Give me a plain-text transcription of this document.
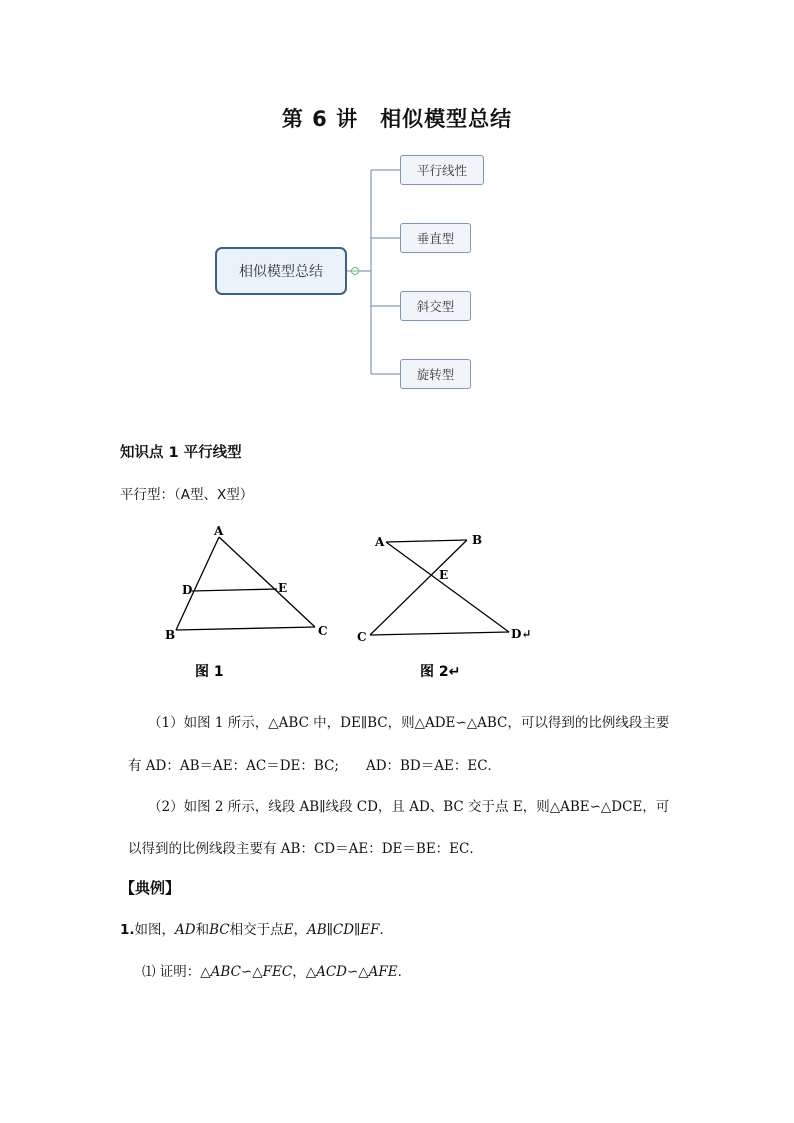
第 6 讲　相似模型总结
相似模型总结
平行线性
垂直型
斜交型
旋转型
知识点 1 平行线型
平行型：（A型、X型）
A
D	E
B	C
图 1
A	B
E
C	D↵
图 2↵
（1）如图 1 所示，△ABC 中，DE∥BC，则△ADE∽△ABC，可以得到的比例线段主要
有 AD：AB＝AE：AC＝DE：BC;　　AD：BD＝AE：EC．
（2）如图 2 所示，线段 AB∥线段 CD，且 AD、BC 交于点 E，则△ABE∽△DCE，可
以得到的比例线段主要有 AB：CD＝AE：DE＝BE：EC．
【典例】
1.如图，AD和BC相交于点E，AB∥CD∥EF.
⑴ 证明：△ABC∽△FEC，△ACD∽△AFE.
